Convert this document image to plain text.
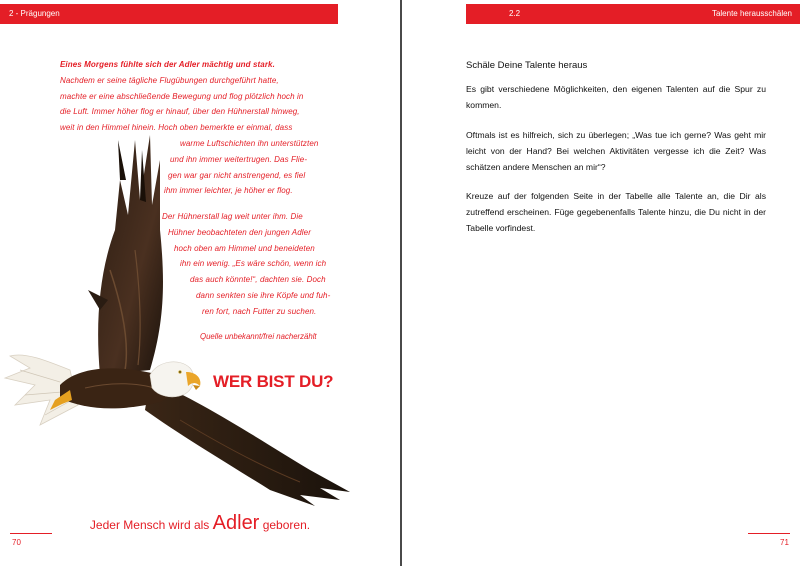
2 - Prägungen

Eines Morgens fühlte sich der Adler mächtig und stark.

Nachdem er seine tägliche Flugübungen durchgeführt hatte,

machte er eine abschließende Bewegung und flog plötzlich hoch in

die Luft. Immer höher flog er hinauf, über den Hühnerstall hinweg,

weit in den Himmel hinein. Hoch oben bemerkte er einmal, dass

warme Luftschichten ihn unterstützten

und ihn immer weitertrugen. Das Flie-

gen war gar nicht anstrengend, es fiel

ihm immer leichter, je höher er flog.

Der Hühnerstall lag weit unter ihm. Die

Hühner beobachteten den jungen Adler

hoch oben am Himmel und beneideten

ihn ein wenig. „Es wäre schön, wenn ich

das auch könnte!“, dachten sie. Doch

dann senkten sie ihre Köpfe und fuh-

ren fort, nach Futter zu suchen.

Quelle unbekannt/frei nacherzählt
WER BIST DU?
Jeder Mensch wird als Adler geboren.
70
2.2	Talente herausschälen
Schäle Deine Talente heraus

Es gibt verschiedene Möglichkeiten, den eigenen Talenten auf die Spur zu kommen.

Oftmals ist es hilfreich, sich zu überlegen; „Was tue ich gerne? Was geht mir leicht von der Hand? Bei welchen Aktivitäten vergesse ich die Zeit? Was schätzen andere Menschen an mir“?

Kreuze auf der folgenden Seite in der Tabelle alle Talente an, die Dir als zutreffend erscheinen. Füge gegebenenfalls Talente hinzu, die Du nicht in der Tabelle vorfindest.

71
